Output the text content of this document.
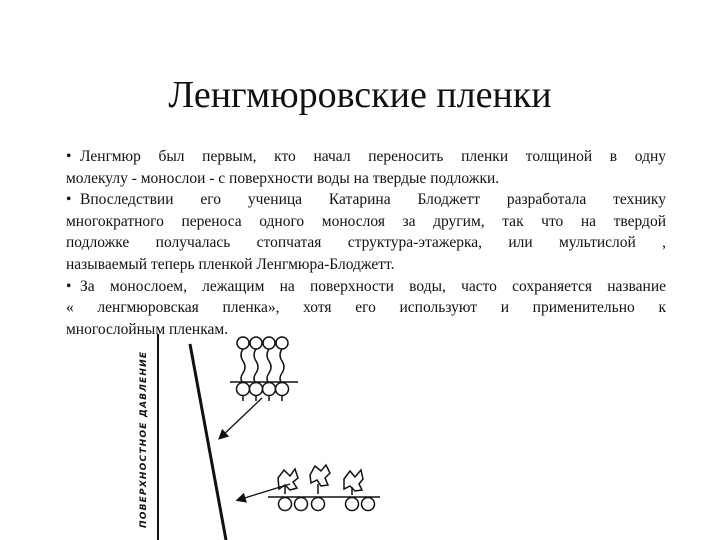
Ленгмюровские пленки

• Ленгмюр был первым, кто начал переносить пленки толщиной в одну

молекулу - монослои - с поверхности воды на твердые подложки.

• Впоследствии его ученица Катарина Блоджетт разработала технику

многократного переноса одного монослоя за другим, так что на твердой

подложке получалась стопчатая структура-этажерка, или мультислой ,

называемый теперь пленкой Ленгмюра-Блоджетт.

• За монослоем, лежащим на поверхности воды, часто сохраняется название

« ленгмюровская пленка», хотя его используют и применительно к

многослойным пленкам.

ПОВЕРХНОСТНОЕ ДАВЛЕНИЕ
